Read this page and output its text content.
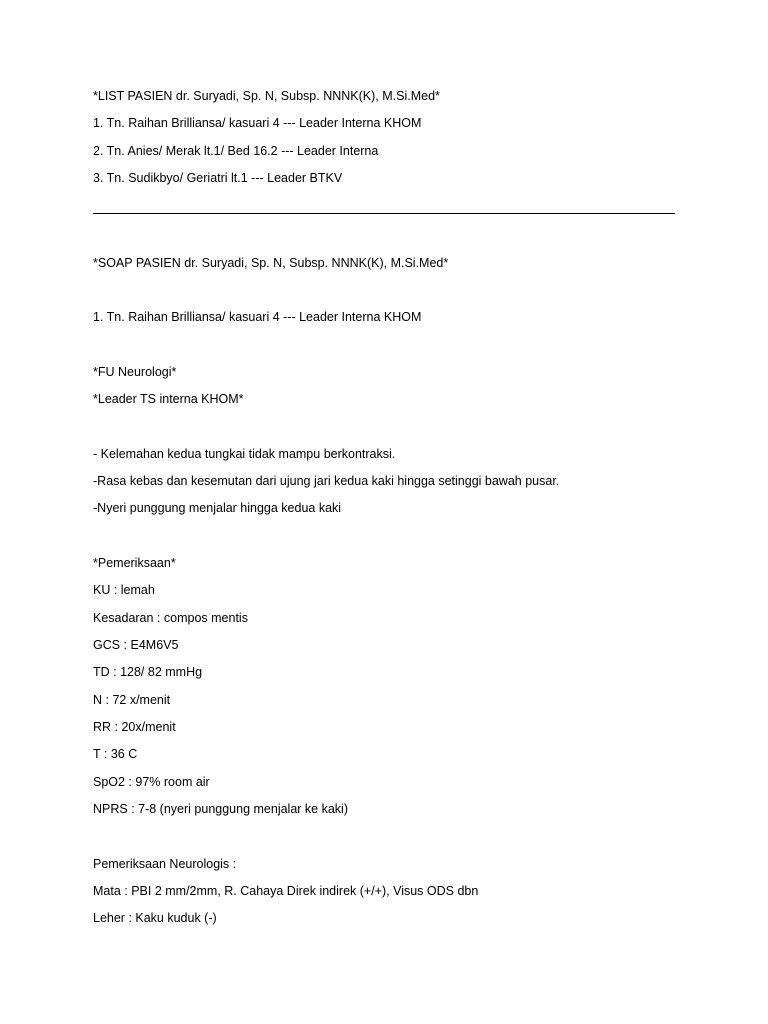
*LIST PASIEN dr. Suryadi, Sp. N, Subsp. NNNK(K), M.Si.Med*
1. Tn. Raihan Brilliansa/ kasuari 4 --- Leader Interna KHOM
2. Tn. Anies/ Merak lt.1/ Bed 16.2 --- Leader Interna
3. Tn. Sudikbyo/ Geriatri lt.1 --- Leader BTKV
*SOAP PASIEN dr. Suryadi, Sp. N, Subsp. NNNK(K), M.Si.Med*
1. Tn. Raihan Brilliansa/ kasuari 4 --- Leader Interna KHOM
*FU Neurologi*
*Leader TS interna KHOM*
- Kelemahan kedua tungkai tidak mampu berkontraksi.
-Rasa kebas dan kesemutan dari ujung jari kedua kaki hingga setinggi bawah pusar.
-Nyeri punggung menjalar hingga kedua kaki
*Pemeriksaan*
KU : lemah
Kesadaran : compos mentis
GCS : E4M6V5
TD : 128/ 82 mmHg
N : 72 x/menit
RR : 20x/menit
T : 36 C
SpO2 : 97% room air
NPRS : 7-8 (nyeri punggung menjalar ke kaki)
Pemeriksaan Neurologis :
Mata : PBI 2 mm/2mm, R. Cahaya Direk indirek (+/+), Visus ODS dbn
Leher : Kaku kuduk (-)
